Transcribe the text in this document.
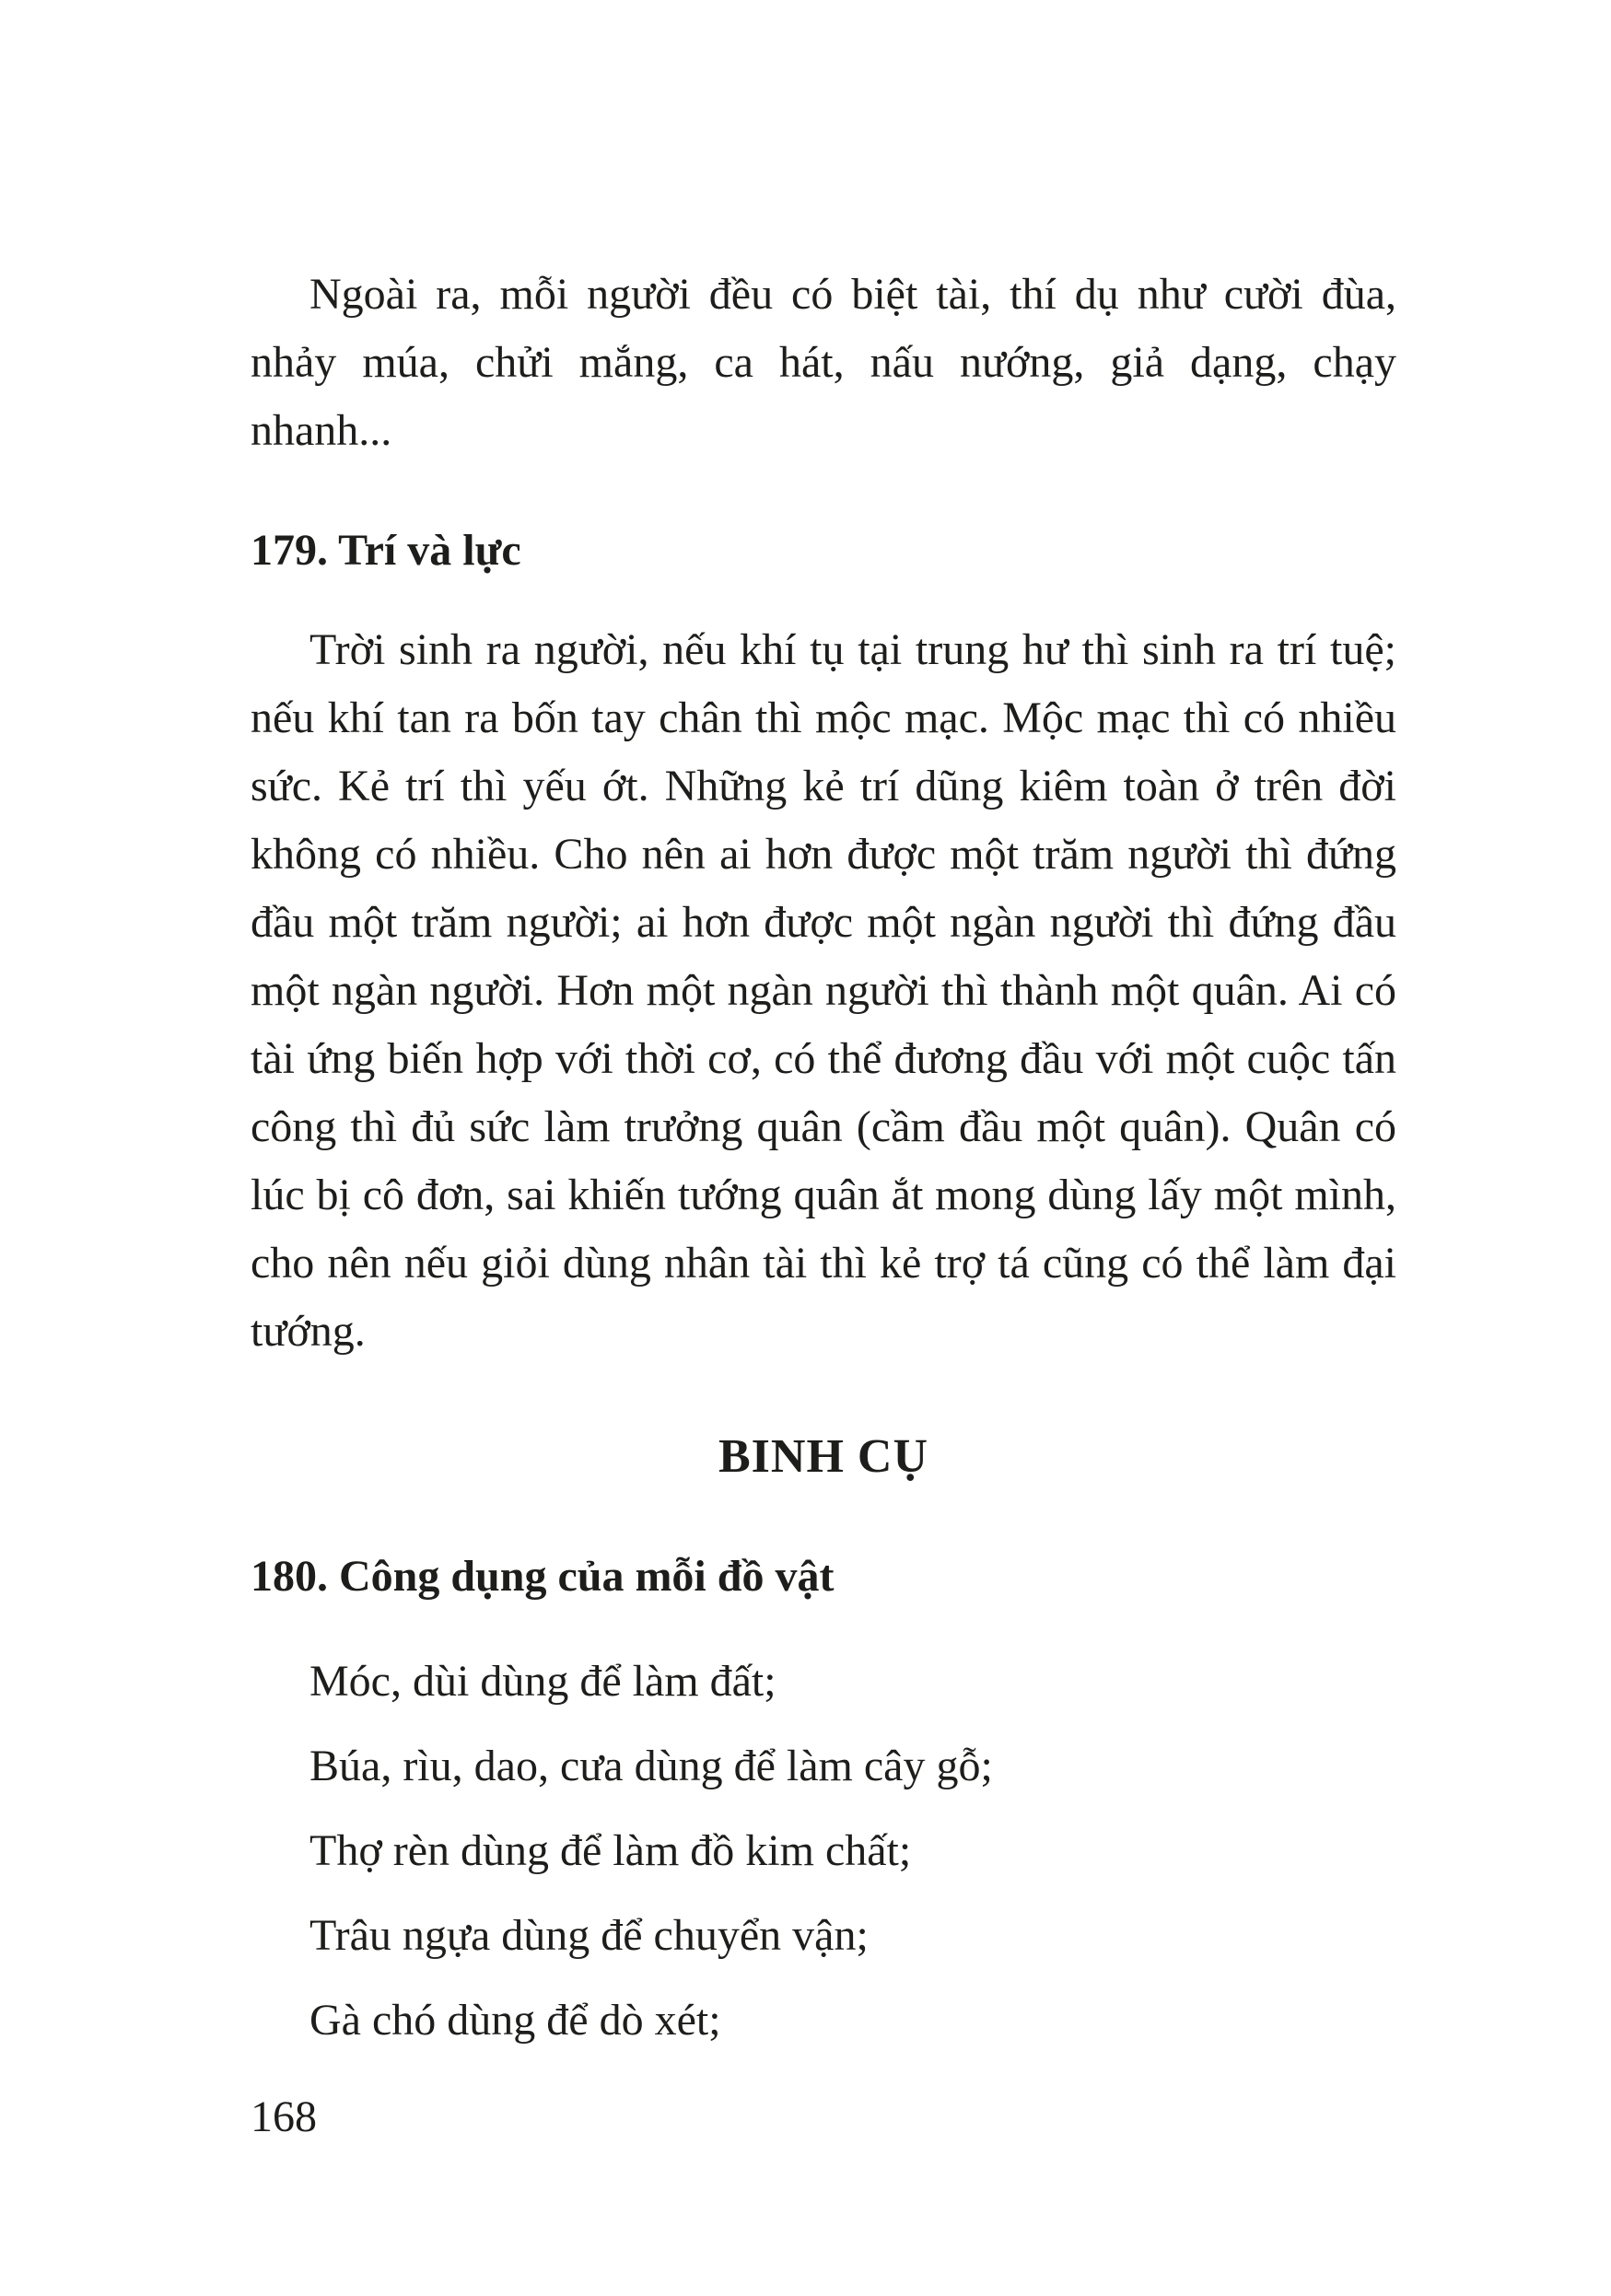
Ngoài ra, mỗi người đều có biệt tài, thí dụ như cười đùa, nhảy múa, chửi mắng, ca hát, nấu nướng, giả dạng, chạy nhanh...

179. Trí và lực

Trời sinh ra người, nếu khí tụ tại trung hư thì sinh ra trí tuệ; nếu khí tan ra bốn tay chân thì mộc mạc. Mộc mạc thì có nhiều sức. Kẻ trí thì yếu ớt. Những kẻ trí dũng kiêm toàn ở trên đời không có nhiều. Cho nên ai hơn được một trăm người thì đứng đầu một trăm người; ai hơn được một ngàn người thì đứng đầu một ngàn người. Hơn một ngàn người thì thành một quân. Ai có tài ứng biến hợp với thời cơ, có thể đương đầu với một cuộc tấn công thì đủ sức làm trưởng quân (cầm đầu một quân). Quân có lúc bị cô đơn, sai khiến tướng quân ắt mong dùng lấy một mình, cho nên nếu giỏi dùng nhân tài thì kẻ trợ tá cũng có thể làm đại tướng.

BINH CỤ

180. Công dụng của mỗi đồ vật

Móc, dùi dùng để làm đất;

Búa, rìu, dao, cưa dùng để làm cây gỗ;

Thợ rèn dùng để làm đồ kim chất;

Trâu ngựa dùng để chuyển vận;

Gà chó dùng để dò xét;

168
